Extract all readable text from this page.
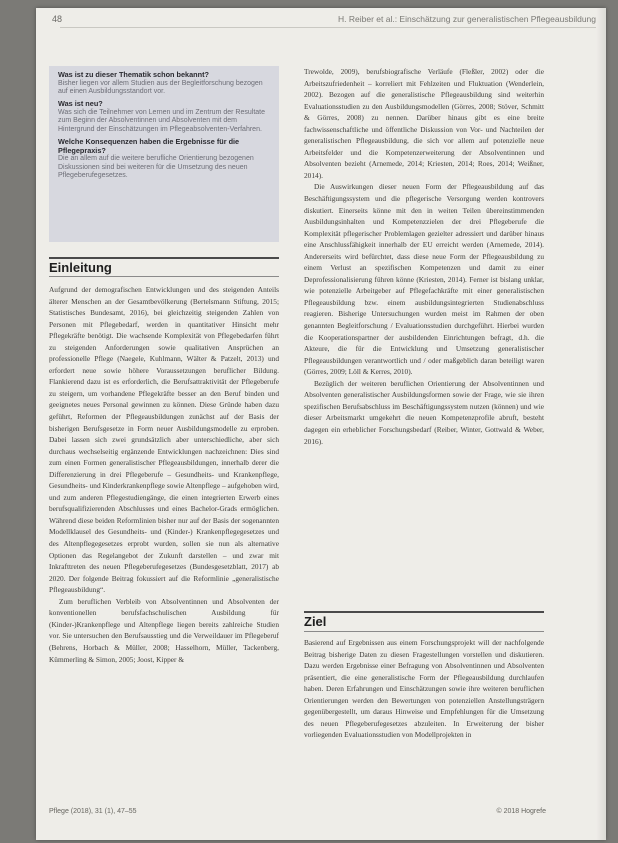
48	H. Reiber et al.: Einschätzung zur generalistischen Pflegeausbildung
Was ist zu dieser Thematik schon bekannt?
Bisher liegen vor allem Studien aus der Begleitforschung bezogen auf einen Ausbildungsstandort vor.
Was ist neu?
Was sich die Teilnehmer von Lernen und im Zentrum der Resultate zum Beginn der Absolventinnen und Absolventen mit dem Hintergrund der Einschätzungen im Pflegeabsolventen-Verfahren.
Welche Konsequenzen haben die Ergebnisse für die Pflegepraxis?
Die an allem auf die weitere berufliche Orientierung bezogenen Diskussionen sind bei weiteren für die Umsetzung des neuen Pflegeberufegesetzes.
Einleitung

Aufgrund der demografischen Entwicklungen und des steigenden Anteils älterer Menschen an der Gesamtbevölkerung (Bertelsmann Stiftung, 2015; Statistisches Bundesamt, 2016), bei gleichzeitig steigenden Zahlen von Personen mit Pflegebedarf, werden in quantitativer Hinsicht mehr Pflegekräfte benötigt. Die wachsende Komplexität von Pflegebedarfen führt zu steigenden Anforderungen sowie qualitativen Ansprüchen an professionelle Pflege (Naegele, Kuhlmann, Wälter & Patzelt, 2013) und erfordert neue sowie höhere Voraussetzungen beruflicher Bildung. Flankierend dazu ist es erforderlich, die Berufsattraktivität der Pflegeberufe zu steigern, um vorhandene Pflegekräfte besser an den Beruf binden und geeignetes neues Personal gewinnen zu können. Diese Gründe haben dazu geführt, Reformen der Pflegeausbildungen zunächst auf der Basis der bisherigen Berufsgesetze in Form neuer Ausbildungsmodelle zu erproben. Dabei lassen sich zwei grundsätzlich aber unterschiedliche, aber sich durchaus wechselseitig ergänzende Entwicklungen nachzeichnen: Dies sind zum einen Formen generalistischer Pflegeausbildungen, innerhalb derer die Differenzierung in drei Pflegeberufe – Gesundheits- und Krankenpflege, Gesundheits- und Kinderkrankenpflege sowie Altenpflege – aufgehoben wird, und zum anderen Pflegestudiengänge, die einen integrierten Erwerb eines berufsqualifizierenden Abschlusses und eines Bachelor-Grads ermöglichen. Während diese beiden Reformlinien bisher nur auf der Basis der sogenannten Modellklausel des Gesundheits- und (Kinder-) Krankenpflegegesetzes und des Altenpflegegesetzes erprobt wurden, sollen sie nun als alternative Optionen das Regelangebot der Zukunft darstellen – und zwar mit Inkrafttreten des neuen Pflegeberufegesetzes (Bundesgesetzblatt, 2017) ab 2020. Der folgende Beitrag fokussiert auf die Reformlinie „generalistische Pflegeausbildung“.

Zum beruflichen Verbleib von Absolventinnen und Absolventen der konventionellen berufsfachschulischen Ausbildung für (Kinder-)Krankenpflege und Altenpflege liegen bereits zahlreiche Studien vor. Sie untersuchen den Berufsausstieg und die Verweildauer im Pflegeberuf (Behrens, Horbach & Müller, 2008; Hasselhorn, Müller, Tackenberg, Kümmerling & Simon, 2005; Joost, Kipper &

Trewolde, 2009), berufsbiografische Verläufe (Fleßler, 2002) oder die Arbeitszufriedenheit – korreliert mit Fehlzeiten und Fluktuation (Wenderlein, 2002). Bezogen auf die generalistische Pflegeausbildung sind weiterhin Evaluationsstudien zu den Ausbildungsmodellen (Görres, 2008; Stöver, Schmitt & Görres, 2008) zu nennen. Darüber hinaus gibt es eine breite fachwissenschaftliche und öffentliche Diskussion von Vor- und Nachteilen der generalistischen Pflegeausbildung, die sich vor allem auf potenzielle neue Arbeitsfelder und die Kompetenzerweiterung der Absolventinnen und Absolventen bezieht (Arnemede, 2014; Kriesten, 2014; Roes, 2014; Weißner, 2014).

Die Auswirkungen dieser neuen Form der Pflegeausbildung auf das Beschäftigungssystem und die pflegerische Versorgung werden kontrovers diskutiert. Einerseits könne mit den in weiten Teilen übereinstimmenden Ausbildungsinhalten und Kompetenzzielen der drei Pflegeberufe die Komplexität pflegerischer Problemlagen gezielter adressiert und darüber hinaus eine Anschlussfähigkeit innerhalb der EU erreicht werden (Arnemede, 2014). Andererseits wird befürchtet, dass diese neue Form der Pflegeausbildung zu einem Verlust an spezifischen Kompetenzen und damit zu einer Deprofessionalisierung führen könne (Kriesten, 2014). Ferner ist bislang unklar, wie potenzielle Arbeitgeber auf Pflegefachkräfte mit einer generalistischen Pflegeausbildung bzw. einem ausbildungsintegrierten Studienabschluss reagieren. Bisherige Untersuchungen wurden meist im Rahmen der oben genannten Begleitforschung / Evaluationsstudien durchgeführt. Hierbei wurden die Kooperationspartner der ausbildenden Einrichtungen befragt, d.h. die Akteure, die für die Entwicklung und Umsetzung generalistischer Pflegeausbildungen verantwortlich und / oder maßgeblich daran beteiligt waren (Görres, 2009; Löll & Kerres, 2010).

Bezüglich der weiteren beruflichen Orientierung der Absolventinnen und Absolventen generalistischer Ausbildungsformen sowie der Frage, wie sie ihren spezifischen Berufsabschluss im Beschäftigungssystem nutzen (können) und wie dieser Arbeitsmarkt umgekehrt die neuen Kompetenzprofile abruft, besteht dagegen ein erheblicher Forschungsbedarf (Reiber, Winter, Gottwald & Weber, 2016).

Ziel

Basierend auf Ergebnissen aus einem Forschungsprojekt will der nachfolgende Beitrag bisherige Daten zu diesen Fragestellungen vorstellen und diskutieren. Dazu werden Ergebnisse einer Befragung von Absolventinnen und Absolventen präsentiert, die eine generalistische Form der Pflegeausbildung durchlaufen haben. Deren Erfahrungen und Einschätzungen sowie ihre weiteren beruflichen Orientierungen werden den Bewertungen von potenziellen Anstellungsträgern gegenübergestellt, um daraus Hinweise und Empfehlungen für die Umsetzung des neuen Pflegeberufegesetzes abzuleiten. In Erweiterung der bisher vorliegenden Evaluationsstudien von Modellprojekten in

Pflege (2018), 31 (1), 47–55	© 2018 Hogrefe
